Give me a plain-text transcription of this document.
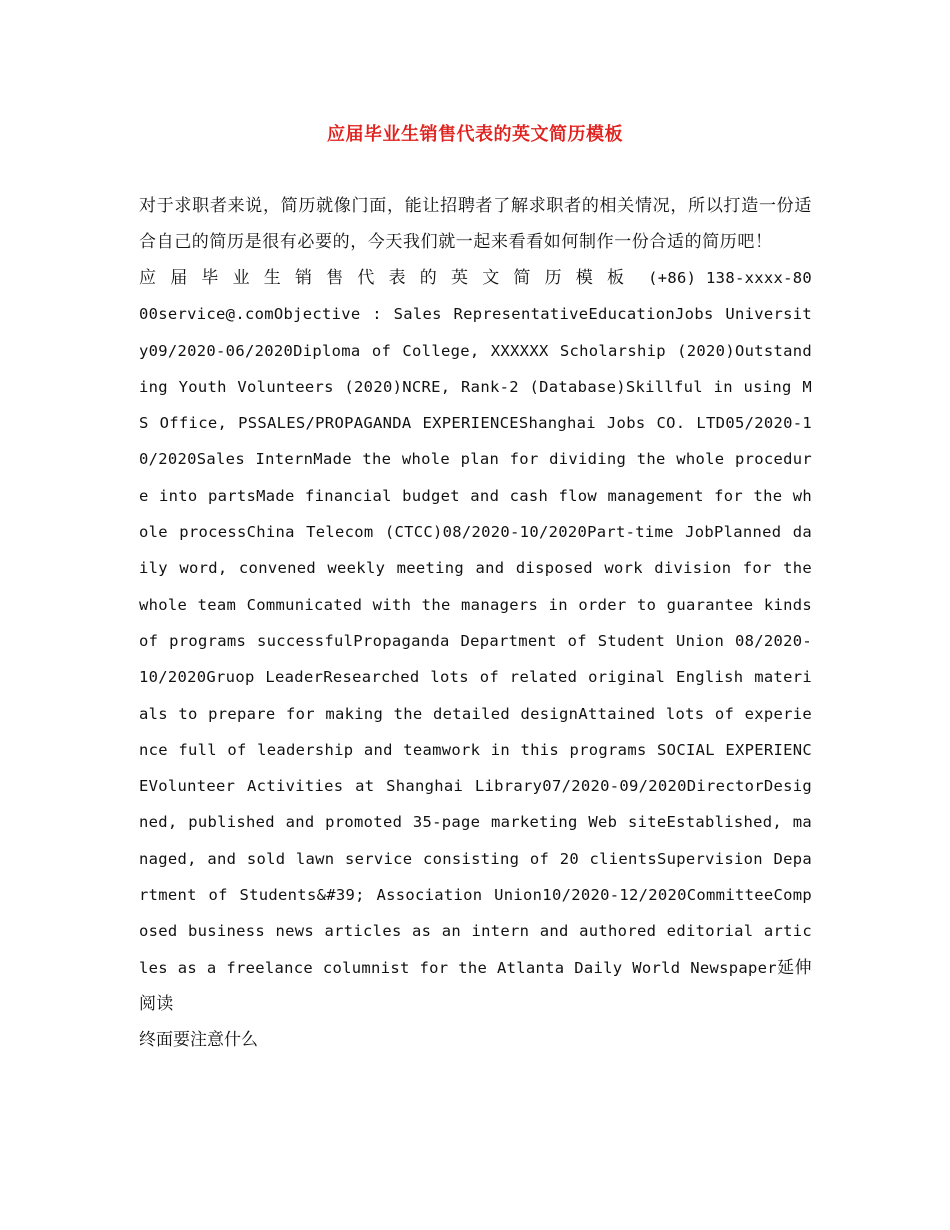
应届毕业生销售代表的英文简历模板

对于求职者来说，简历就像门面，能让招聘者了解求职者的相关情况，所以打造一份适合自己的简历是很有必要的，今天我们就一起来看看如何制作一份合适的简历吧！

应届毕业生销售代表的英文简历模板 (+86) 138-xxxx-8000service@.comObjective : Sales RepresentativeEducationJobs University09/2020-06/2020Diploma of College, XXXXXX Scholarship (2020)Outstanding Youth Volunteers (2020)NCRE, Rank-2 (Database)Skillful in using MS Office, PSSALES/PROPAGANDA EXPERIENCEShanghai Jobs CO. LTD05/2020-10/2020Sales InternMade the whole plan for dividing the whole procedure into partsMade financial budget and cash flow management for the whole processChina Telecom (CTCC)08/2020-10/2020Part-time JobPlanned daily word, convened weekly meeting and disposed work division for the whole team Communicated with the managers in order to guarantee kinds of programs successfulPropaganda Department of Student Union 08/2020-10/2020Gruop LeaderResearched lots of related original English materials to prepare for making the detailed designAttained lots of experience full of leadership and teamwork in this programs SOCIAL EXPERIENCEVolunteer Activities at Shanghai Library07/2020-09/2020DirectorDesigned, published and promoted 35-page marketing Web siteEstablished, managed, and sold lawn service consisting of 20 clientsSupervision Department of Students&#39; Association Union10/2020-12/2020CommitteeComposed business news articles as an intern and authored editorial articles as a freelance columnist for the Atlanta Daily World Newspaper延伸阅读

终面要注意什么
